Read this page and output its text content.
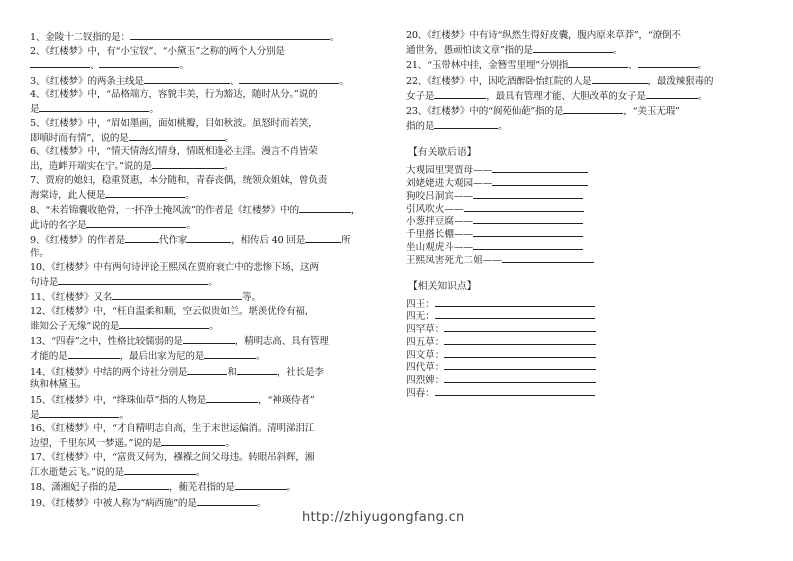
1、金陵十二钗指的是：	。
2、《红楼梦》中，有“小宝钗”、“小黛玉”之称的两个人分别是
、	。
3、《红楼梦》的两条主线是	、	。
4、《红楼梦》中，“品格端方，容貌丰美，行为豁达，随时从分。”说的
是	。
5、《红楼梦》中，“眉如墨画，面如桃瓣，目如秋波。虽怒时而若笑，
即嗔时而有情”，说的是	。
6、《红楼梦》中，“情天情海幻情身，情既相逢必主淫。漫言不肖皆荣
出，造衅开端实在宁。”说的是	。
7、贾府的媳妇，稳重贤惠，本分随和，青春丧偶，统领众姐妹，曾负责
海棠诗，此人便是	。
8、“未若锦囊收艳骨，一抔净土掩风流”的作者是《红楼梦》中的	，
此诗的名字是	。
9、《红楼梦》的作者是	代作家	，相传后 40 回是	所
作。
10、《红楼梦》中有两句诗评论王熙凤在贾府衰亡中的悲惨下场，这两
句诗是	。
11、《红楼梦》又名	等。
12、《红楼梦》中，“枉自温柔和顺，空云似贵如兰。堪羡优伶有福，
谁知公子无缘”说的是	。
13、“四春”之中，性格比较懦弱的是	，精明志高、具有管理
才能的是	，最后出家为尼的是	。
14、《红楼梦》中结的两个诗社分别是	和	，社长是李
纨和林黛玉。
15、《红楼梦》中，“绛珠仙草”指的人物是	，“神瑛侍者”
是	。
16、《红楼梦》中，“才自精明志自高，生于末世运偏消。清明涕泪江
边望，千里东风一梦遥。”说的是	。
17、《红楼梦》中，“富贵又何为，襁褓之间父母违。转眼吊斜辉，湘
江水逝楚云飞。”说的是	。
18、潇湘妃子指的是	，蘅芜君指的是	。
19、《红楼梦》中被人称为“病西施”的是	。
20、《红楼梦》中有诗“纵然生得好皮囊，腹内原来草莽”，“潦倒不
通世务，愚顽怕读文章”指的是	。
21、“玉带林中挂，金簪雪里埋”分别指	、	。
22、《红楼梦》中，因吃酒醉卧怡红院的人是	，最泼辣狠毒的
女子是	，最具有管理才能、大胆改革的女子是	。
23、《红楼梦》中的“阆苑仙葩”指的是	，“美玉无瑕”
指的是	。
【有关歇后语】
大观园里哭贾母——
刘姥姥进大观园——
狗咬吕洞宾——
引风吹火——
小葱拌豆腐——
千里搭长棚——
坐山观虎斗——
王熙凤害死尤二姐——
【相关知识点】
四王：
四无：
四罕草：
四五草：
四文草：
四代草：
四烈婢：
四春：
http://zhiyugongfang.cn
